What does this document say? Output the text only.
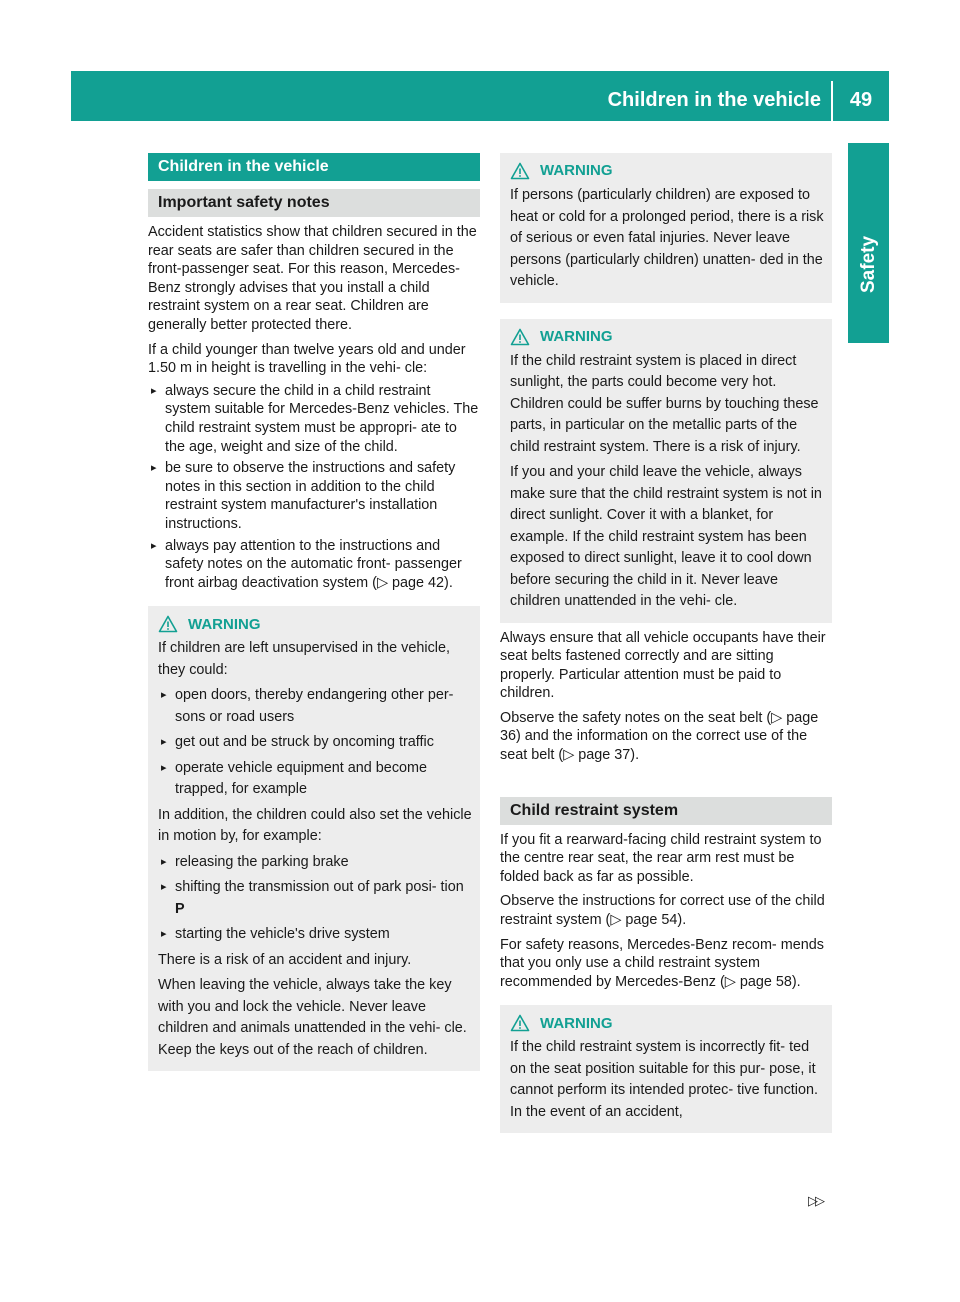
Children in the vehicle	49
Safety
Children in the vehicle
Important safety notes

Accident statistics show that children secured in the rear seats are safer than children secured in the front-passenger seat. For this reason, Mercedes-Benz strongly advises that you install a child restraint system on a rear seat. Children are generally better protected there.

If a child younger than twelve years old and under 1.50 m in height is travelling in the vehi- cle:

▸ always secure the child in a child restraint system suitable for Mercedes-Benz vehicles. The child restraint system must be appropri- ate to the age, weight and size of the child.
▸ be sure to observe the instructions and safety notes in this section in addition to the child restraint system manufacturer's installation instructions.
▸ always pay attention to the instructions and safety notes on the automatic front- passenger front airbag deactivation system (▷ page 42).
WARNING

If children are left unsupervised in the vehicle, they could:

▸ open doors, thereby endangering other per- sons or road users
▸ get out and be struck by oncoming traffic
▸ operate vehicle equipment and become trapped, for example

In addition, the children could also set the vehicle in motion by, for example:

▸ releasing the parking brake
▸ shifting the transmission out of park posi- tion P
▸ starting the vehicle's drive system

There is a risk of an accident and injury.

When leaving the vehicle, always take the key with you and lock the vehicle. Never leave children and animals unattended in the vehi- cle. Keep the keys out of the reach of children.

WARNING

If persons (particularly children) are exposed to heat or cold for a prolonged period, there is a risk of serious or even fatal injuries. Never leave persons (particularly children) unatten- ded in the vehicle.

WARNING

If the child restraint system is placed in direct sunlight, the parts could become very hot. Children could be suffer burns by touching these parts, in particular on the metallic parts of the child restraint system. There is a risk of injury.

If you and your child leave the vehicle, always make sure that the child restraint system is not in direct sunlight. Cover it with a blanket, for example. If the child restraint system has been exposed to direct sunlight, leave it to cool down before securing the child in it. Never leave children unattended in the vehi- cle.

Always ensure that all vehicle occupants have their seat belts fastened correctly and are sitting properly. Particular attention must be paid to children.

Observe the safety notes on the seat belt (▷ page 36) and the information on the correct use of the seat belt (▷ page 37).

Child restraint system

If you fit a rearward-facing child restraint system to the centre rear seat, the rear arm rest must be folded back as far as possible.

Observe the instructions for correct use of the child restraint system (▷ page 54).

For safety reasons, Mercedes-Benz recom- mends that you only use a child restraint system recommended by Mercedes-Benz (▷ page 58).

WARNING

If the child restraint system is incorrectly fit- ted on the seat position suitable for this pur- pose, it cannot perform its intended protec- tive function. In the event of an accident,

▷▷
